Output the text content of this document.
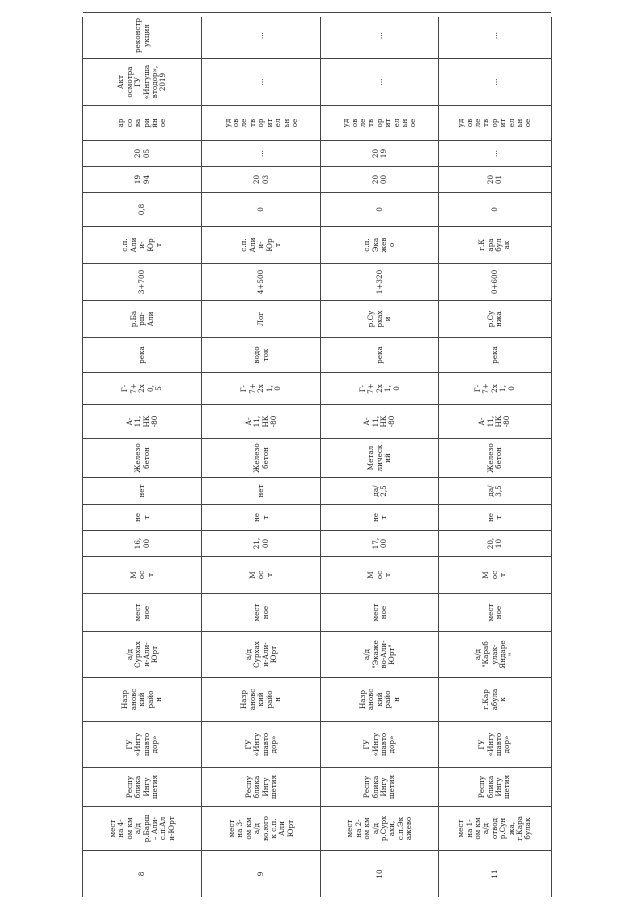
8
мест
на 4-
ом км
а/д
р.Барш
– Али-
c.п.Ал
и-Юрт
Респу
блика
Ингу
шетия
ГУ
«Ингу
шавто
дор»
Назр
ановс
кий
райо
н
а/д
Сурхах
и-Али-
Юрт
мест
ное
М
ос
т
16,
00
не
т
нет
Железо
бетон
А-
11,
НК
-80
Г-
7+
2х
0,
5
река
р.Ба
рш-
Али
3+700
с.п.
Али
и-
Юр
т
0,8
19
94
20
05
ар
со
ва
ри
йн
ое
Акт
осмотра
ГУ
«Ингуша
втодор»,
2019
реконстр
укция
9
мест
на 3-
ом км
а/д
во.юго
к с.п.
Али
Юрт
Респу
блика
Ингу
шетия
ГУ
«Ингу
шавто
дор»
Назр
ановс
кий
райо
н
а/д
Сурхах
и-Али-
Юрт
мест
ное
М
ос
т
21,
00
не
т
нет
Железо
бетон
А-
11,
НК
-80
Г-
7+
2х
1,
0
водо
ток
Лог
4+500
с.п.
Али
и-
Юр
т
0
20
03
...
уд
ов
ле
тв
ор
ит
ел
ьн
ое
...
...
10
мест
на 2-
ом км
а/д
р.Сурх
ахи,
с.п.Эк
ажево
Респу
блика
Ингу
шетия
ГУ
«Ингу
шавто
дор»
Назр
ановс
кий
райо
н
а/д
"Экаже
во-Али-
Юрт"
мест
ное
М
ос
т
17,
00
не
т
да/
2,5
Метал
лическ
ий
А-
11,
НК
-80
Г-
7+
2х
1,
0
река
р.Су
рхах
и
1+320
с.п.
Эка
жев
о
0
20
00
20
19
уд
ов
ле
тв
ор
ит
ел
ьн
ое
...
...
11
мест
на 1-
ом км
а/д
отвод
р.Сун
жа,
г.Кара
булак
Респу
блика
Ингу
шетия
ГУ
«Ингу
шавто
дор»
г.Кар
абула
к
а/д
"Караб
улак-
Яндаре
"
мест
ное
М
ос
т
20,
10
не
т
да/
3,5
Железо
бетон
А-
11,
НК
-80
Г-
7+
2х
1,
0
река
р.Су
нжа
0+600
г.К
ара
бул
ак
0
20
01
...
уд
ов
ле
тв
ор
ит
ел
ьн
ое
...
...
